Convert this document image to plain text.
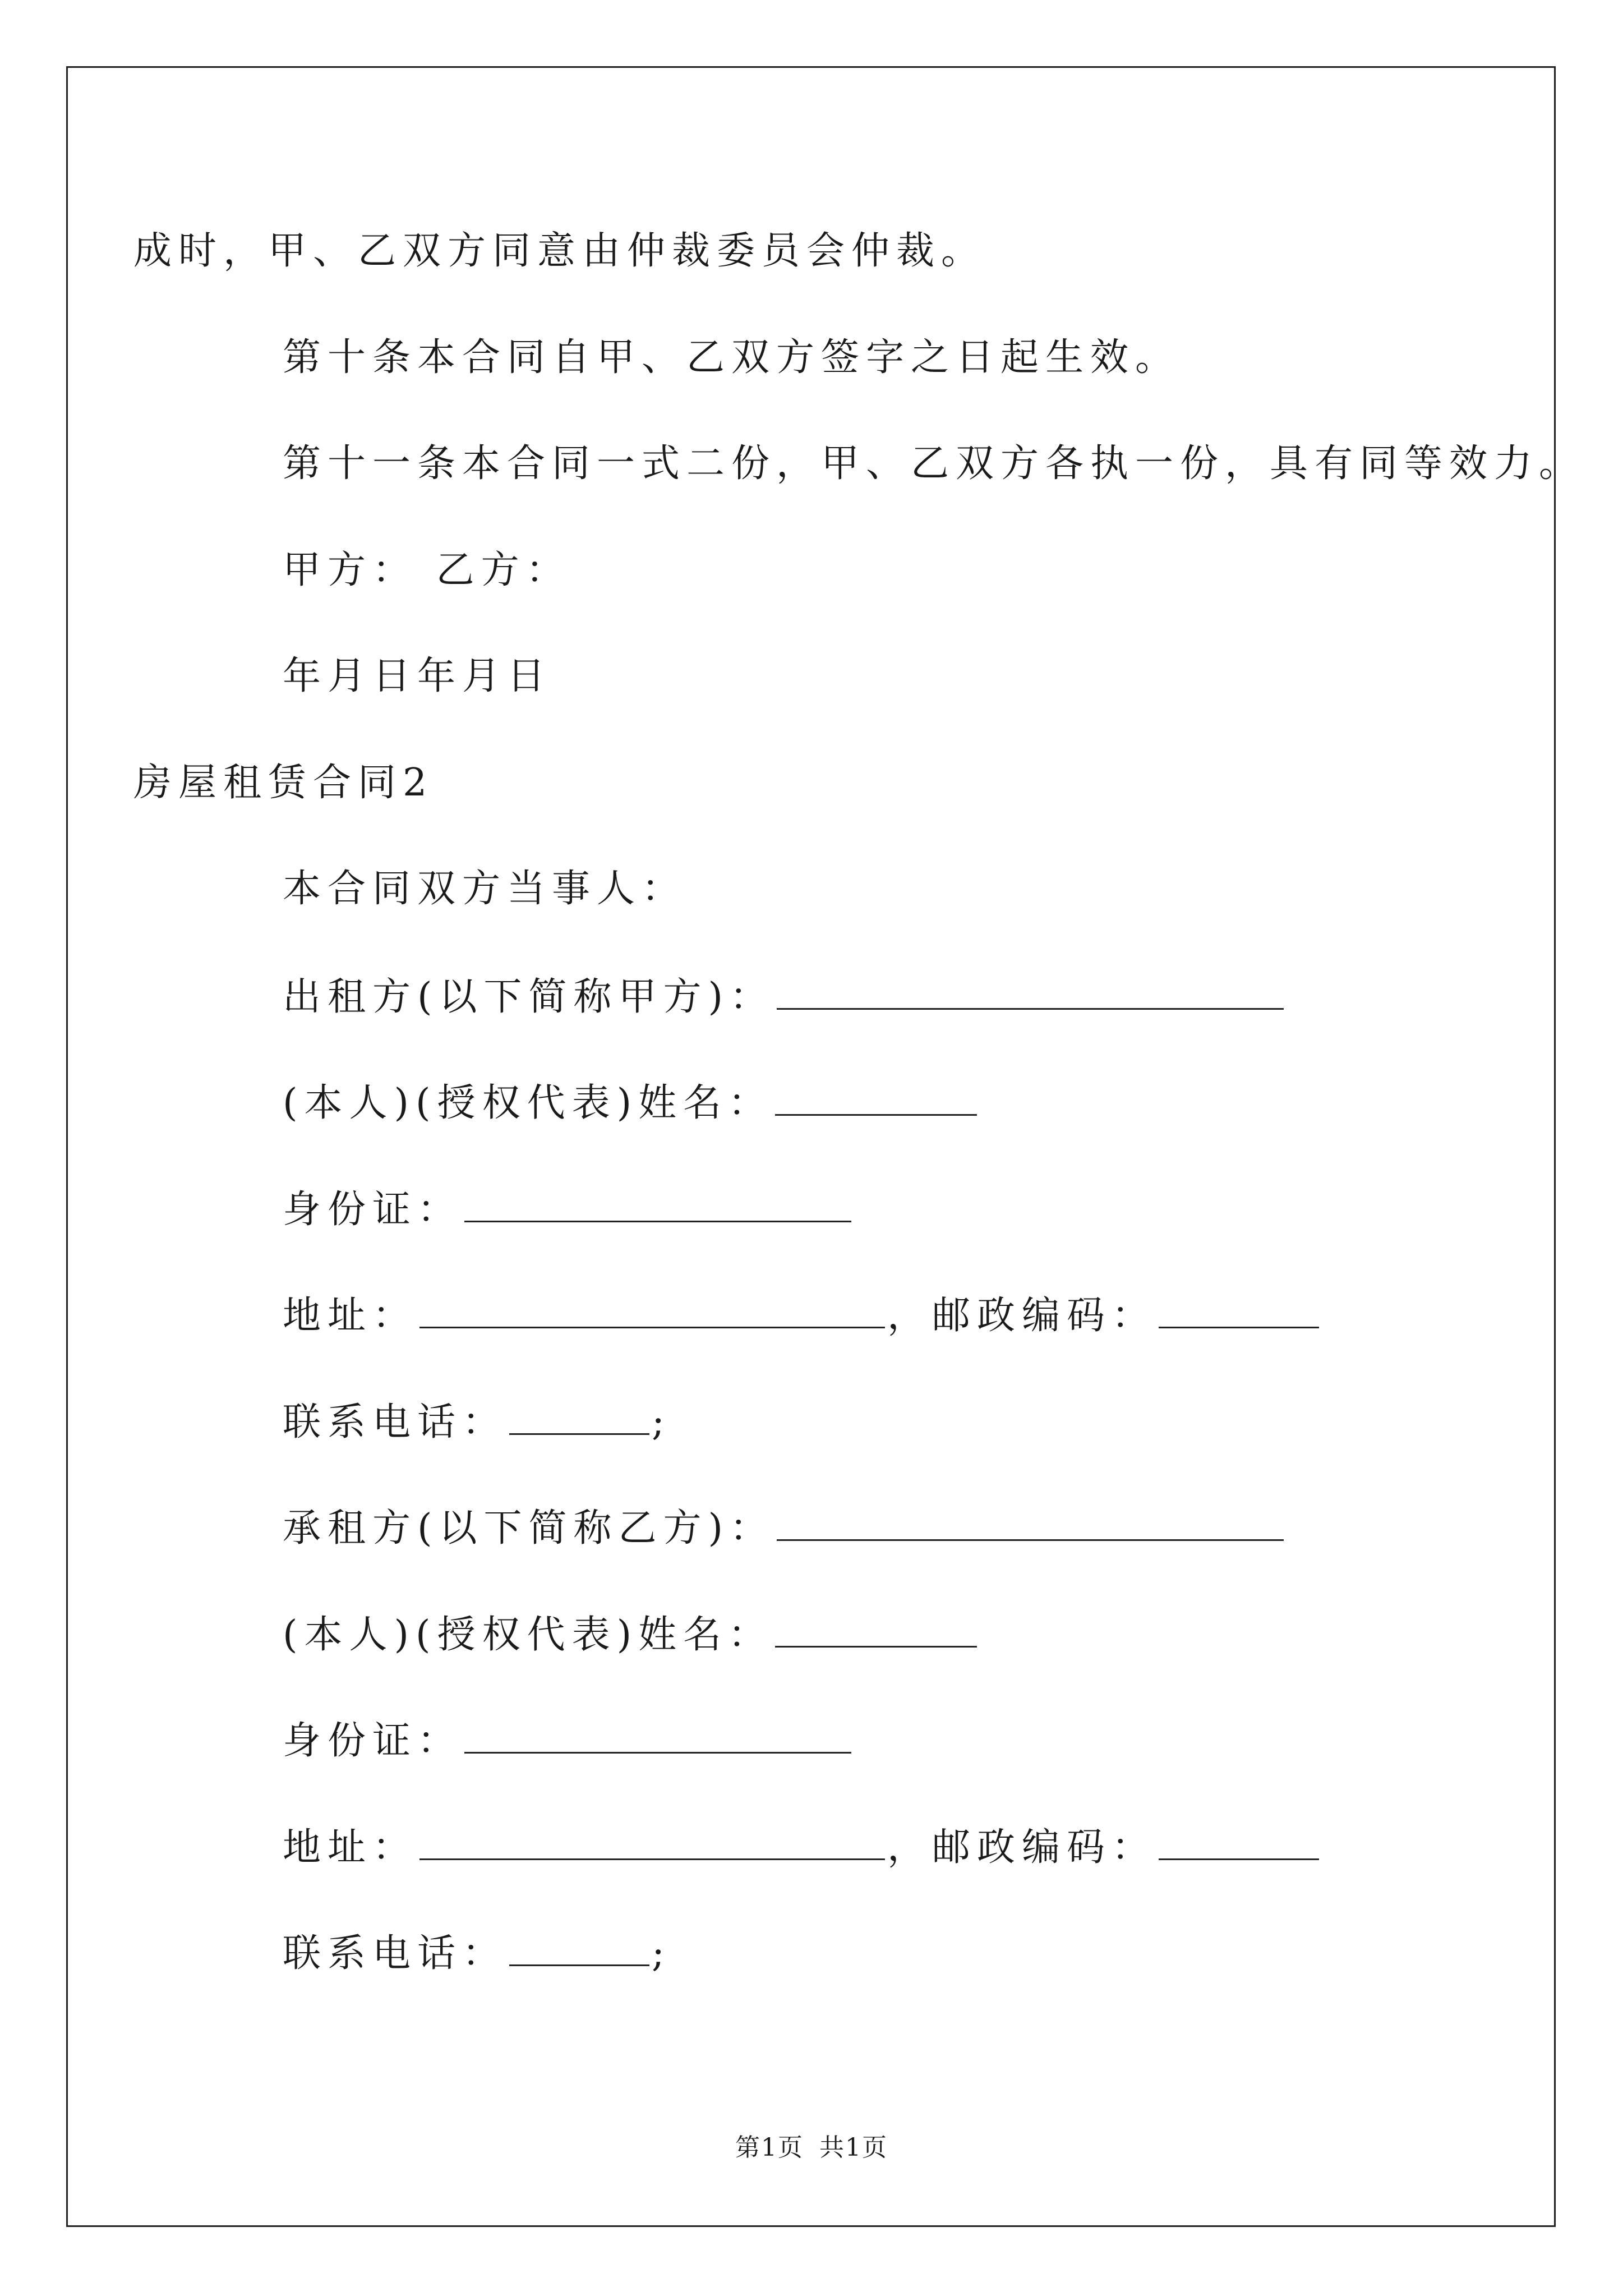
成时，甲、乙双方同意由仲裁委员会仲裁。
第十条本合同自甲、乙双方签字之日起生效。
第十一条本合同一式二份，甲、乙双方各执一份，具有同等效力。
甲方： 乙方：
年月日年月日
房屋租赁合同2
本合同双方当事人：
出租方(以下简称甲方)：
(本人)(授权代表)姓名：
身份证：
地址：	，邮政编码：
联系电话：	;
承租方(以下简称乙方)：
(本人)(授权代表)姓名：
身份证：
地址：	，邮政编码：
联系电话：	;
第1页 共1页
